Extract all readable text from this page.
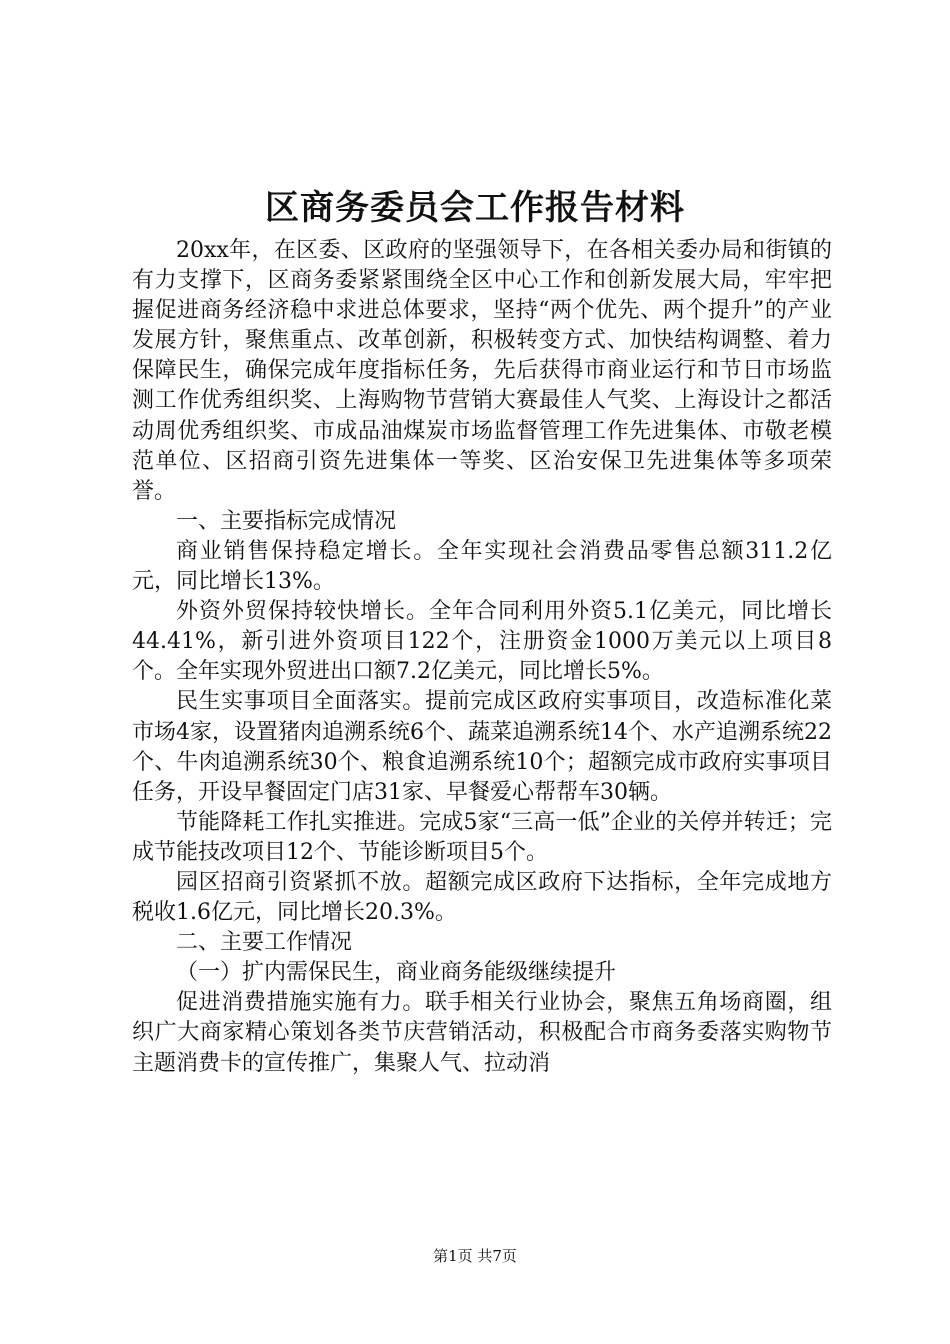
区商务委员会工作报告材料

20xx年，在区委、区政府的坚强领导下，在各相关委办局和街镇的有力支撑下，区商务委紧紧围绕全区中心工作和创新发展大局，牢牢把握促进商务经济稳中求进总体要求，坚持“两个优先、两个提升”的产业发展方针，聚焦重点、改革创新，积极转变方式、加快结构调整、着力保障民生，确保完成年度指标任务，先后获得市商业运行和节日市场监测工作优秀组织奖、上海购物节营销大赛最佳人气奖、上海设计之都活动周优秀组织奖、市成品油煤炭市场监督管理工作先进集体、市敬老模范单位、区招商引资先进集体一等奖、区治安保卫先进集体等多项荣誉。

一、主要指标完成情况

商业销售保持稳定增长。全年实现社会消费品零售总额311.2亿元，同比增长13%。

外资外贸保持较快增长。全年合同利用外资5.1亿美元，同比增长44.41%，新引进外资项目122个，注册资金1000万美元以上项目8个。全年实现外贸进出口额7.2亿美元，同比增长5%。

民生实事项目全面落实。提前完成区政府实事项目，改造标准化菜市场4家，设置猪肉追溯系统6个、蔬菜追溯系统14个、水产追溯系统22个、牛肉追溯系统30个、粮食追溯系统10个；超额完成市政府实事项目任务，开设早餐固定门店31家、早餐爱心帮帮车30辆。

节能降耗工作扎实推进。完成5家“三高一低”企业的关停并转迁；完成节能技改项目12个、节能诊断项目5个。

园区招商引资紧抓不放。超额完成区政府下达指标，全年完成地方税收1.6亿元，同比增长20.3%。

二、主要工作情况

（一）扩内需保民生，商业商务能级继续提升

促进消费措施实施有力。联手相关行业协会，聚焦五角场商圈，组织广大商家精心策划各类节庆营销活动，积极配合市商务委落实购物节主题消费卡的宣传推广，集聚人气、拉动消

第1页 共7页
